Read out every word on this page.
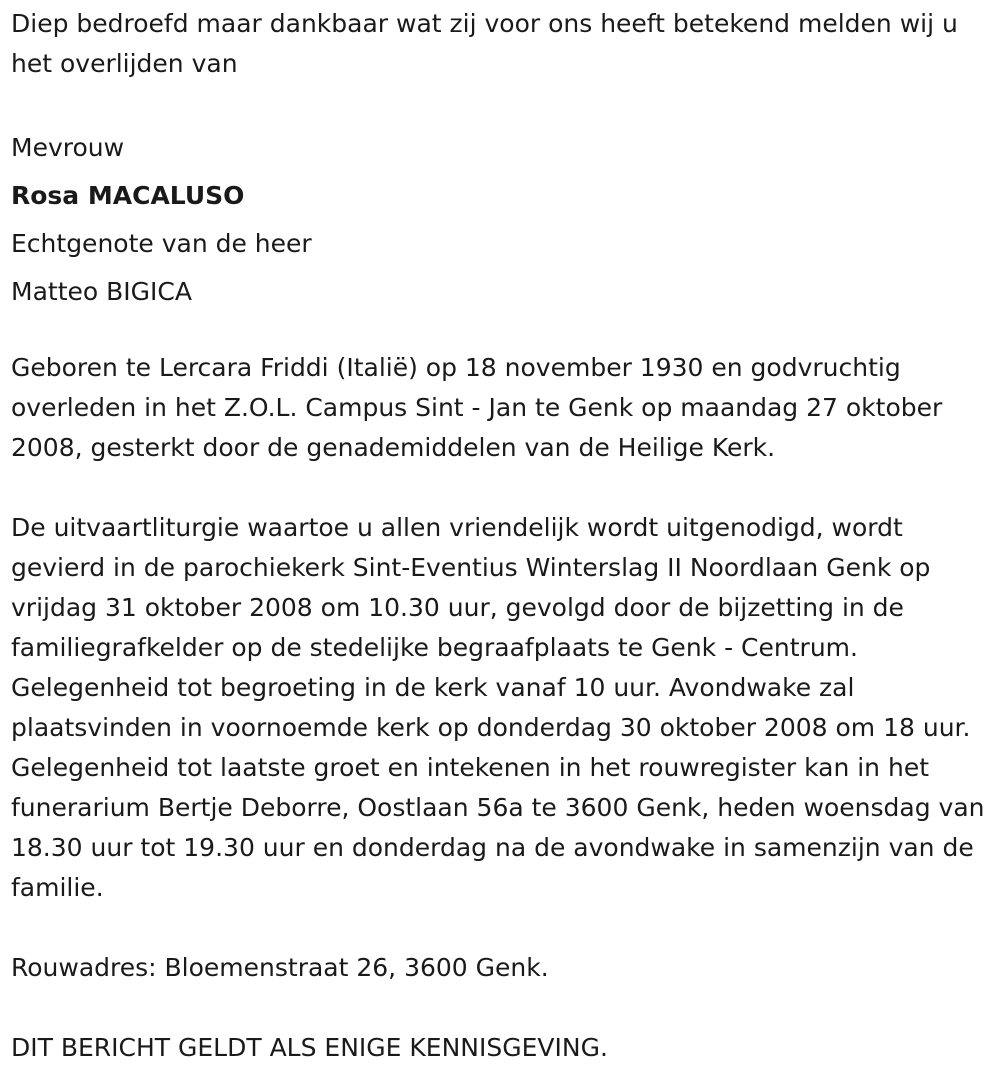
Diep bedroefd maar dankbaar wat zij voor ons heeft betekend melden wij u het overlijden van

Mevrouw

Rosa MACALUSO

Echtgenote van de heer

Matteo BIGICA

Geboren te Lercara Friddi (Italië) op 18 november 1930 en godvruchtig overleden in het Z.O.L. Campus Sint - Jan te Genk op maandag 27 oktober 2008, gesterkt door de genademiddelen van de Heilige Kerk.

De uitvaartliturgie waartoe u allen vriendelijk wordt uitgenodigd, wordt gevierd in de parochiekerk Sint-Eventius Winterslag II Noordlaan Genk op vrijdag 31 oktober 2008 om 10.30 uur, gevolgd door de bijzetting in de familiegrafkelder op de stedelijke begraafplaats te Genk - Centrum. Gelegenheid tot begroeting in de kerk vanaf 10 uur. Avondwake zal plaatsvinden in voornoemde kerk op donderdag 30 oktober 2008 om 18 uur. Gelegenheid tot laatste groet en intekenen in het rouwregister kan in het funerarium Bertje Deborre, Oostlaan 56a te 3600 Genk, heden woensdag van 18.30 uur tot 19.30 uur en donderdag na de avondwake in samenzijn van de familie.

Rouwadres: Bloemenstraat 26, 3600 Genk.

DIT BERICHT GELDT ALS ENIGE KENNISGEVING.
